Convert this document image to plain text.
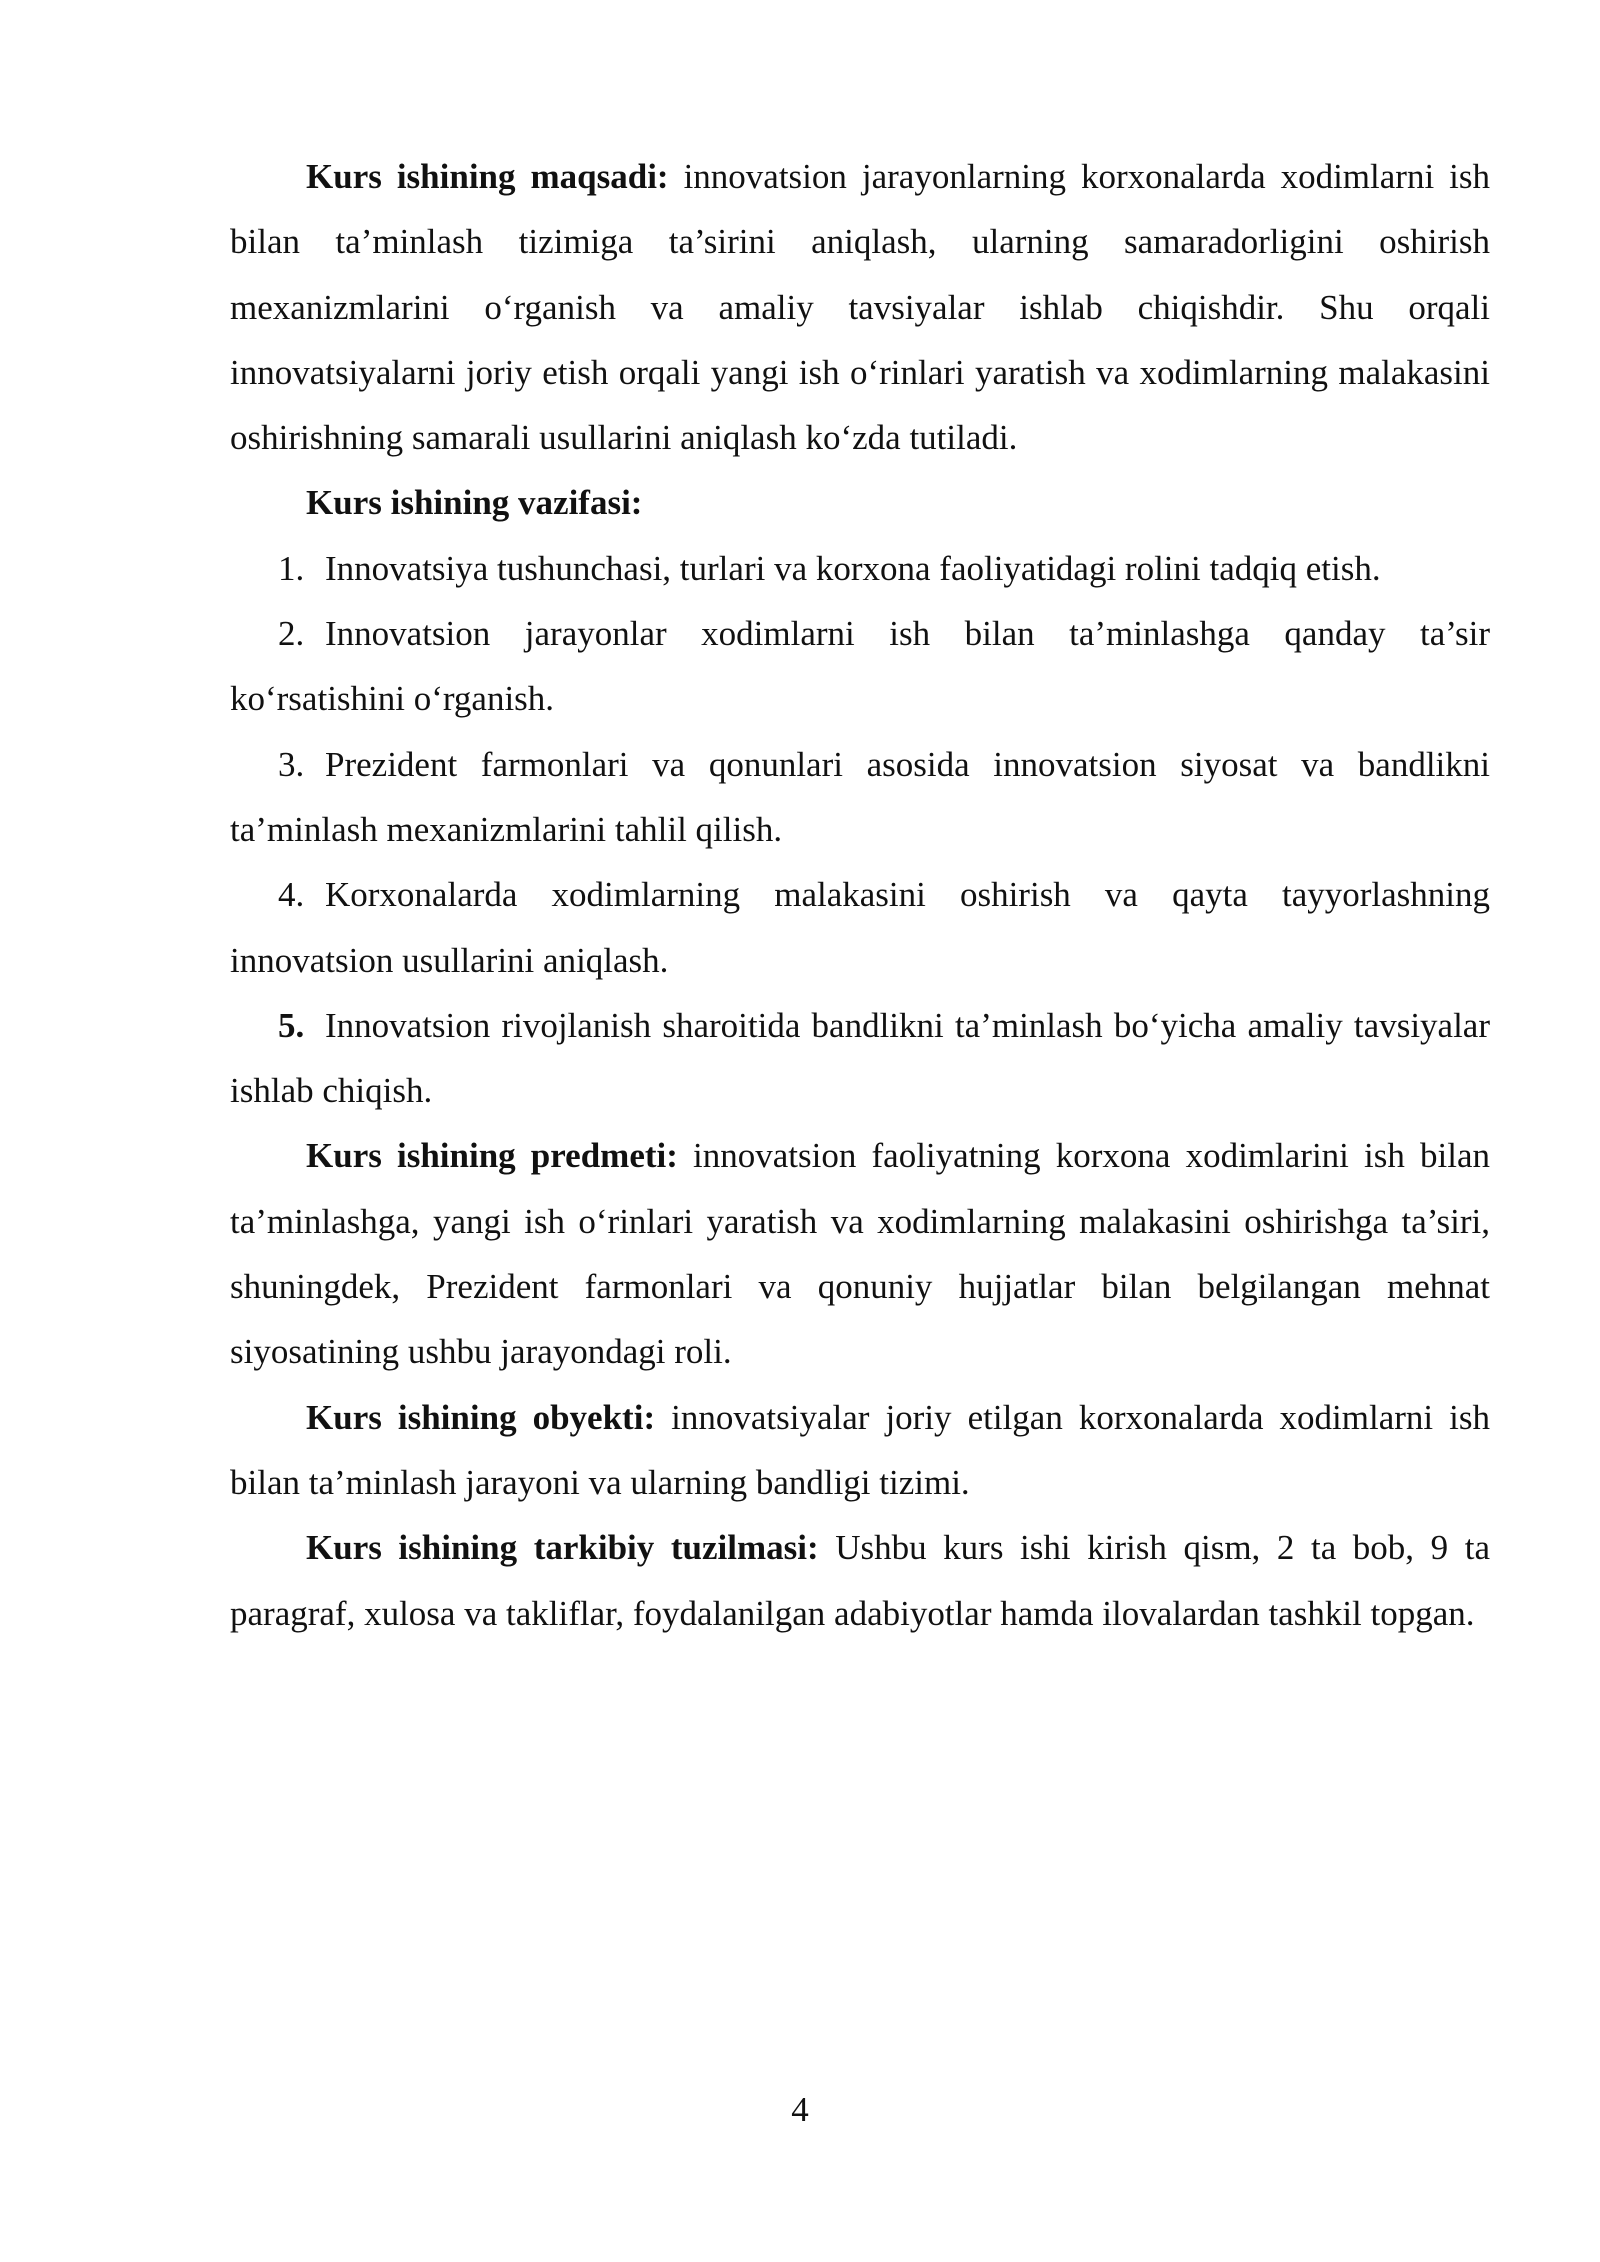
Kurs ishining maqsadi: innovatsion jarayonlarning korxonalarda xodimlarni ish bilan ta’minlash tizimiga ta’sirini aniqlash, ularning samaradorligini oshirish mexanizmlarini o‘rganish va amaliy tavsiyalar ishlab chiqishdir. Shu orqali innovatsiyalarni joriy etish orqali yangi ish o‘rinlari yaratish va xodimlarning malakasini oshirishning samarali usullarini aniqlash ko‘zda tutiladi.

Kurs ishining vazifasi:

1. Innovatsiya tushunchasi, turlari va korxona faoliyatidagi rolini tadqiq etish.

2. Innovatsion jarayonlar xodimlarni ish bilan ta’minlashga qanday ta’sir ko‘rsatishini o‘rganish.

3. Prezident farmonlari va qonunlari asosida innovatsion siyosat va bandlikni ta’minlash mexanizmlarini tahlil qilish.

4. Korxonalarda xodimlarning malakasini oshirish va qayta tayyorlashning innovatsion usullarini aniqlash.

5. Innovatsion rivojlanish sharoitida bandlikni ta’minlash bo‘yicha amaliy tavsiyalar ishlab chiqish.

Kurs ishining predmeti: innovatsion faoliyatning korxona xodimlarini ish bilan ta’minlashga, yangi ish o‘rinlari yaratish va xodimlarning malakasini oshirishga ta’siri, shuningdek, Prezident farmonlari va qonuniy hujjatlar bilan belgilangan mehnat siyosatining ushbu jarayondagi roli.

Kurs ishining obyekti: innovatsiyalar joriy etilgan korxonalarda xodimlarni ish bilan ta’minlash jarayoni va ularning bandligi tizimi.

Kurs ishining tarkibiy tuzilmasi: Ushbu kurs ishi kirish qism, 2 ta bob, 9 ta paragraf, xulosa va takliflar, foydalanilgan adabiyotlar hamda ilovalardan tashkil topgan.

4
